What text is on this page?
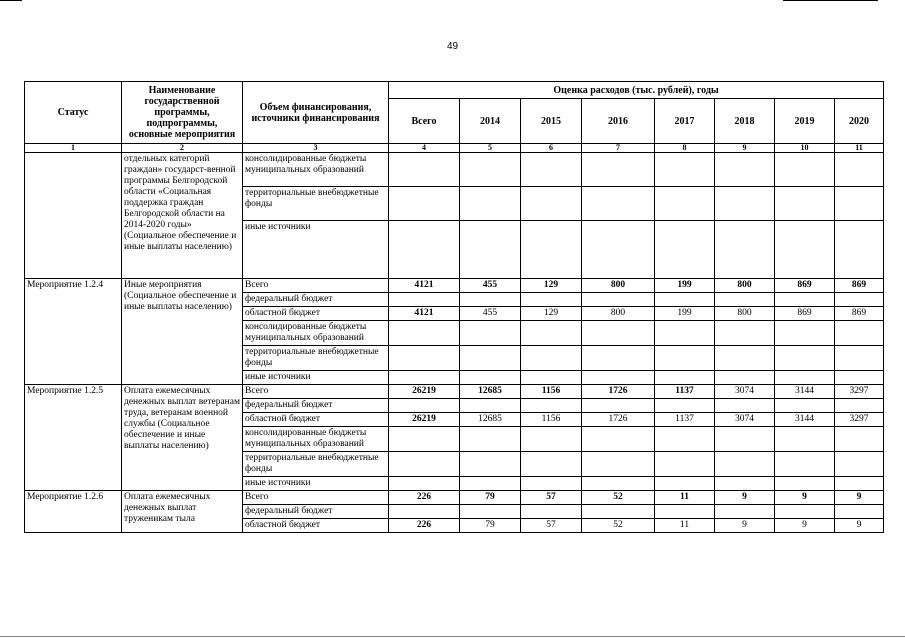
49
Статус	Наименование государственной программы, подпрограммы, основные мероприятия	Объем финансирования, источники финансирования	Оценка расходов (тыс. рублей), годы							
			Всего	2014	2015	2016	2017	2018	2019	2020
1	2	3	4	5	6	7	8	9	10	11
	отдельных категорий граждан» государст-венной программы Белгородской области «Социальная поддержка граждан Белгородской области на 2014-2020 годы» (Социальное обеспечение и иные выплаты населению)	консолидированные бюджеты муниципальных образований								
		территориальные внебюджетные фонды								
		иные источники								
Мероприятие 1.2.4	Иные мероприятия (Социальное обеспечение и иные выплаты населению)	Всего	4121	455	129	800	199	800	869	869
		федеральный бюджет								
		областной бюджет	4121	455	129	800	199	800	869	869
		консолидированные бюджеты муниципальных образований								
		территориальные внебюджетные фонды								
		иные источники								
Мероприятие 1.2.5	Оплата ежемесячных денежных выплат ветеранам труда, ветеранам военной службы (Социальное обеспечение и иные выплаты населению)	Всего	26219	12685	1156	1726	1137	3074	3144	3297
		федеральный бюджет								
		областной бюджет	26219	12685	1156	1726	1137	3074	3144	3297
		консолидированные бюджеты муниципальных образований								
		территориальные внебюджетные фонды								
		иные источники								
Мероприятие 1.2.6	Оплата ежемесячных денежных выплат труженикам тыла	Всего	226	79	57	52	11	9	9	9
		федеральный бюджет								
		областной бюджет	226	79	57	52	11	9	9	9
